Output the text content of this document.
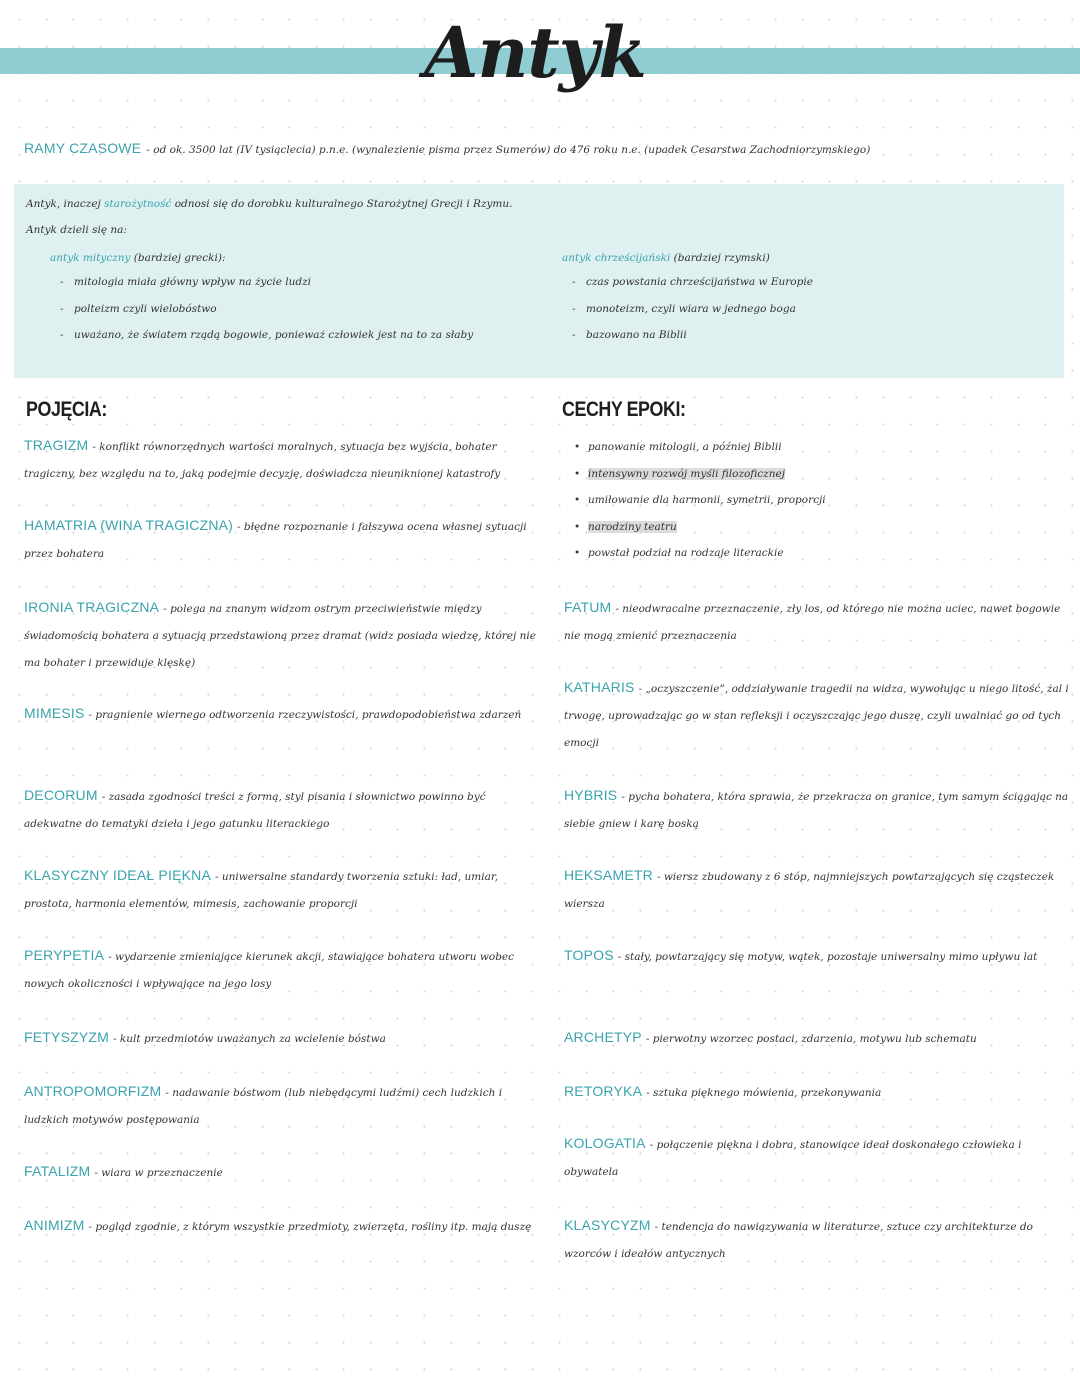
Antyk
RAMY CZASOWE - od ok. 3500 lat (IV tysiąclecia) p.n.e. (wynalezienie pisma przez Sumerów) do 476 roku n.e. (upadek Cesarstwa Zachodniorzymskiego)
Antyk, inaczej starożytność odnosi się do dorobku kulturalnego Starożytnej Grecji i Rzymu.
Antyk dzieli się na:
antyk mityczny (bardziej grecki):
- mitologia miała główny wpływ na życie ludzi
- polteizm czyli wielobóstwo
- uważano, że światem rządą bogowie, ponieważ człowiek jest na to za słaby
antyk chrześcijański (bardziej rzymski)
- czas powstania chrześcijaństwa w Europie
- monoteizm, czyli wiara w jednego boga
- bazowano na Biblii
POJĘCIA:	CECHY EPOKI:
• panowanie mitologii, a później Biblii
• intensywny rozwój myśli filozoficznej
• umiłowanie dla harmonii, symetrii, proporcji
• narodziny teatru
• powstał podział na rodzaje literackie
TRAGIZM - konflikt równorzędnych wartości moralnych, sytuacja bez wyjścia, bohater tragiczny, bez względu na to, jaką podejmie decyzję, doświadcza nieuniknionej katastrofy
HAMATRIA (WINA TRAGICZNA) - błędne rozpoznanie i fałszywa ocena własnej sytuacji przez bohatera
IRONIA TRAGICZNA - polega na znanym widzom ostrym przeciwieństwie między świadomością bohatera a sytuacją przedstawioną przez dramat (widz posiada wiedzę, której nie ma bohater i przewiduje klęskę)
MIMESIS - pragnienie wiernego odtworzenia rzeczywistości, prawdopodobieństwa zdarzeń
DECORUM - zasada zgodności treści z formą, styl pisania i słownictwo powinno być adekwatne do tematyki dzieła i jego gatunku literackiego
KLASYCZNY IDEAŁ PIĘKNA - uniwersalne standardy tworzenia sztuki: ład, umiar, prostota, harmonia elementów, mimesis, zachowanie proporcji
PERYPETIA - wydarzenie zmieniające kierunek akcji, stawiające bohatera utworu wobec nowych okoliczności i wpływające na jego losy
FETYSZYZM - kult przedmiotów uważanych za wcielenie bóstwa
ANTROPOMORFIZM - nadawanie bóstwom (lub niebędącymi ludźmi) cech ludzkich i ludzkich motywów postępowania
FATALIZM - wiara w przeznaczenie
ANIMIZM - pogląd zgodnie, z którym wszystkie przedmioty, zwierzęta, rośliny itp. mają duszę
FATUM - nieodwracalne przeznaczenie, zły los, od którego nie można uciec, nawet bogowie nie mogą zmienić przeznaczenia
KATHARIS - „oczyszczenie”, oddziaływanie tragedii na widza, wywołując u niego litość, żal i trwogę, uprowadzając go w stan refleksji i oczyszczając jego duszę, czyli uwalniać go od tych emocji
HYBRIS - pycha bohatera, która sprawia, że przekracza on granice, tym samym ściągając na siebie gniew i karę boską
HEKSAMETR - wiersz zbudowany z 6 stóp, najmniejszych powtarzających się cząsteczek wiersza
TOPOS - stały, powtarzający się motyw, wątek, pozostaje uniwersalny mimo upływu lat
ARCHETYP - pierwotny wzorzec postaci, zdarzenia, motywu lub schematu
RETORYKA - sztuka pięknego mówienia, przekonywania
KOLOGATIA - połączenie piękna i dobra, stanowiące ideał doskonałego człowieka i obywatela
KLASYCYZM - tendencja do nawiązywania w literaturze, sztuce czy architekturze do wzorców i ideałów antycznych
